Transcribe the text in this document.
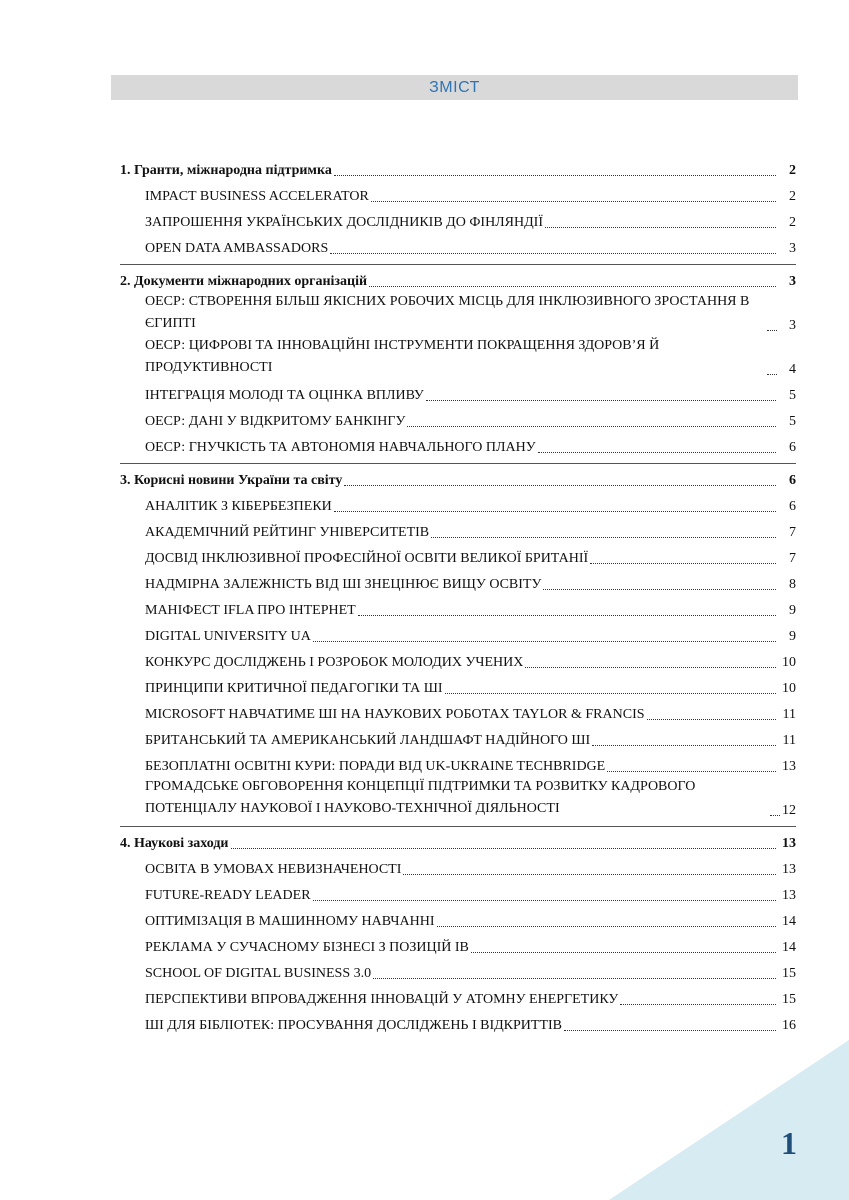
ЗМІСТ
1. Гранти, міжнародна підтримка	2
IMPACT BUSINESS ACCELERATOR	2
ЗАПРОШЕННЯ УКРАЇНСЬКИХ ДОСЛІДНИКІВ ДО ФІНЛЯНДІЇ	2
OPEN DATA AMBASSADORS	3
2. Документи міжнародних організацій	3
ОЕСР: СТВОРЕННЯ БІЛЬШ ЯКІСНИХ РОБОЧИХ МІСЦЬ ДЛЯ ІНКЛЮЗИВНОГО ЗРОСТАННЯ В ЄГИПТІ	3
ОЕСР: ЦИФРОВІ ТА ІННОВАЦІЙНІ ІНСТРУМЕНТИ ПОКРАЩЕННЯ ЗДОРОВ’Я Й ПРОДУКТИВНОСТІ	4
ІНТЕГРАЦІЯ МОЛОДІ ТА ОЦІНКА ВПЛИВУ	5
ОЕСР: ДАНІ У ВІДКРИТОМУ БАНКІНГУ	5
ОЕСР: ГНУЧКІСТЬ ТА АВТОНОМІЯ НАВЧАЛЬНОГО ПЛАНУ	6
3. Корисні новини України та світу	6
АНАЛІТИК З КІБЕРБЕЗПЕКИ	6
АКАДЕМІЧНИЙ РЕЙТИНГ УНІВЕРСИТЕТІВ	7
ДОСВІД ІНКЛЮЗИВНОЇ ПРОФЕСІЙНОЇ ОСВІТИ ВЕЛИКОЇ БРИТАНІЇ	7
НАДМІРНА ЗАЛЕЖНІСТЬ ВІД ШІ ЗНЕЦІНЮЄ ВИЩУ ОСВІТУ	8
МАНІФЕСТ IFLA ПРО ІНТЕРНЕТ	9
DIGITAL UNIVERSITY UA	9
КОНКУРС ДОСЛІДЖЕНЬ І РОЗРОБОК МОЛОДИХ УЧЕНИХ	10
ПРИНЦИПИ КРИТИЧНОЇ ПЕДАГОГІКИ ТА ШІ	10
MICROSOFT НАВЧАТИМЕ ШІ НА НАУКОВИХ РОБОТАХ TAYLOR & FRANCIS	11
БРИТАНСЬКИЙ ТА АМЕРИКАНСЬКИЙ ЛАНДШАФТ НАДІЙНОГО ШІ	11
БЕЗОПЛАТНІ ОСВІТНІ КУРИ: ПОРАДИ ВІД UK-UKRAINE TECHBRIDGE	13
ГРОМАДСЬКЕ ОБГОВОРЕННЯ КОНЦЕПЦІЇ ПІДТРИМКИ ТА РОЗВИТКУ КАДРОВОГО ПОТЕНЦІАЛУ НАУКОВОЇ І НАУКОВО-ТЕХНІЧНОЇ ДІЯЛЬНОСТІ	12
4. Наукові заходи	13
ОСВІТА В УМОВАХ НЕВИЗНАЧЕНОСТІ	13
FUTURE-READY LEADER	13
ОПТИМІЗАЦІЯ В МАШИННОМУ НАВЧАННІ	14
РЕКЛАМА У СУЧАСНОМУ БІЗНЕСІ З ПОЗИЦІЙ ІВ	14
SCHOOL OF DIGITAL BUSINESS 3.0	15
ПЕРСПЕКТИВИ ВПРОВАДЖЕННЯ ІННОВАЦІЙ У АТОМНУ ЕНЕРГЕТИКУ	15
ШІ ДЛЯ БІБЛІОТЕК: ПРОСУВАННЯ ДОСЛІДЖЕНЬ І ВІДКРИТТІВ	16
1
